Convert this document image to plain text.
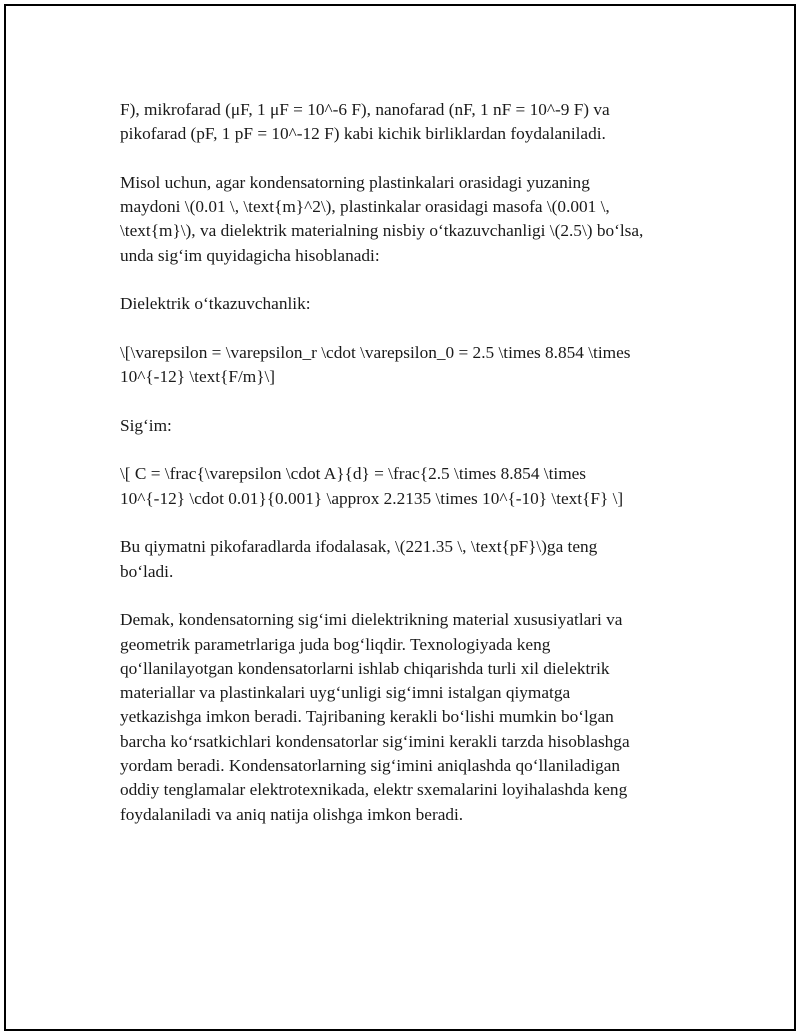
F), mikrofarad (μF, 1 μF = 10^-6 F), nanofarad (nF, 1 nF = 10^-9 F) va
pikofarad (pF, 1 pF = 10^-12 F) kabi kichik birliklardan foydalaniladi.

Misol uchun, agar kondensatorning plastinkalari orasidagi yuzaning
maydoni \(0.01 \, \text{m}^2\), plastinkalar orasidagi masofa \(0.001 \,
\text{m}\), va dielektrik materialning nisbiy o‘tkazuvchanligi \(2.5\) bo‘lsa,
unda sig‘im quyidagicha hisoblanadi:

Dielektrik o‘tkazuvchanlik:

\[\varepsilon = \varepsilon_r \cdot \varepsilon_0 = 2.5 \times 8.854 \times
10^{-12} \text{F/m}\]

Sig‘im:

\[ C = \frac{\varepsilon \cdot A}{d} = \frac{2.5 \times 8.854 \times
10^{-12} \cdot 0.01}{0.001} \approx 2.2135 \times 10^{-10} \text{F} \]

Bu qiymatni pikofaradlarda ifodalasak, \(221.35 \, \text{pF}\)ga teng
bo‘ladi.

Demak, kondensatorning sig‘imi dielektrikning material xususiyatlari va
geometrik parametrlariga juda bog‘liqdir. Texnologiyada keng
qo‘llanilayotgan kondensatorlarni ishlab chiqarishda turli xil dielektrik
materiallar va plastinkalari uyg‘unligi sig‘imni istalgan qiymatga
yetkazishga imkon beradi. Tajribaning kerakli bo‘lishi mumkin bo‘lgan
barcha ko‘rsatkichlari kondensatorlar sig‘imini kerakli tarzda hisoblashga
yordam beradi. Kondensatorlarning sig‘imini aniqlashda qo‘llaniladigan
oddiy tenglamalar elektrotexnikada, elektr sxemalarini loyihalashda keng
foydalaniladi va aniq natija olishga imkon beradi.
